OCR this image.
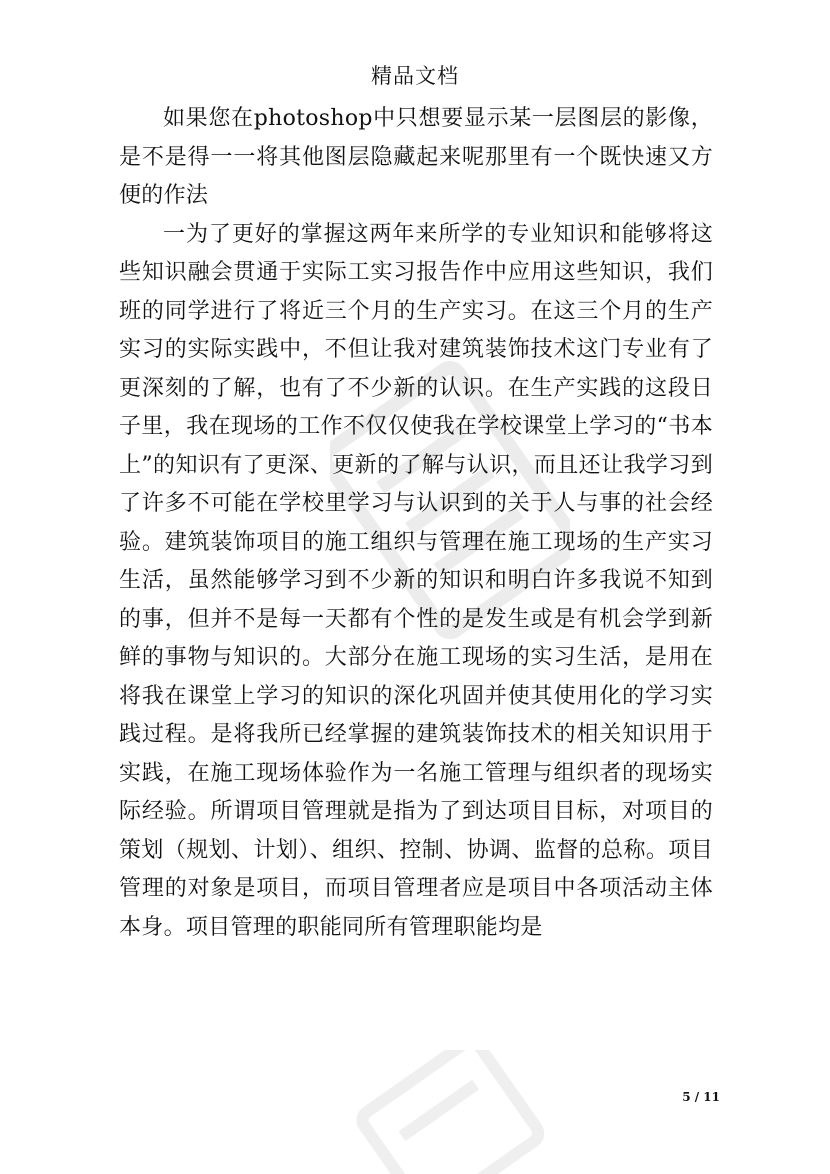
精品文档

如果您在photoshop中只想要显示某一层图层的影像，是不是得一一将其他图层隐藏起来呢那里有一个既快速又方便的作法

一为了更好的掌握这两年来所学的专业知识和能够将这些知识融会贯通于实际工实习报告作中应用这些知识，我们班的同学进行了将近三个月的生产实习。在这三个月的生产实习的实际实践中，不但让我对建筑装饰技术这门专业有了更深刻的了解，也有了不少新的认识。在生产实践的这段日子里，我在现场的工作不仅仅使我在学校课堂上学习的“书本上”的知识有了更深、更新的了解与认识，而且还让我学习到了许多不可能在学校里学习与认识到的关于人与事的社会经验。建筑装饰项目的施工组织与管理在施工现场的生产实习生活，虽然能够学习到不少新的知识和明白许多我说不知到的事，但并不是每一天都有个性的是发生或是有机会学到新鲜的事物与知识的。大部分在施工现场的实习生活，是用在将我在课堂上学习的知识的深化巩固并使其使用化的学习实践过程。是将我所已经掌握的建筑装饰技术的相关知识用于实践，在施工现场体验作为一名施工管理与组织者的现场实际经验。所谓项目管理就是指为了到达项目目标，对项目的策划（规划、计划）、组织、控制、协调、监督的总称。项目管理的对象是项目，而项目管理者应是项目中各项活动主体本身。项目管理的职能同所有管理职能均是

5 / 11
